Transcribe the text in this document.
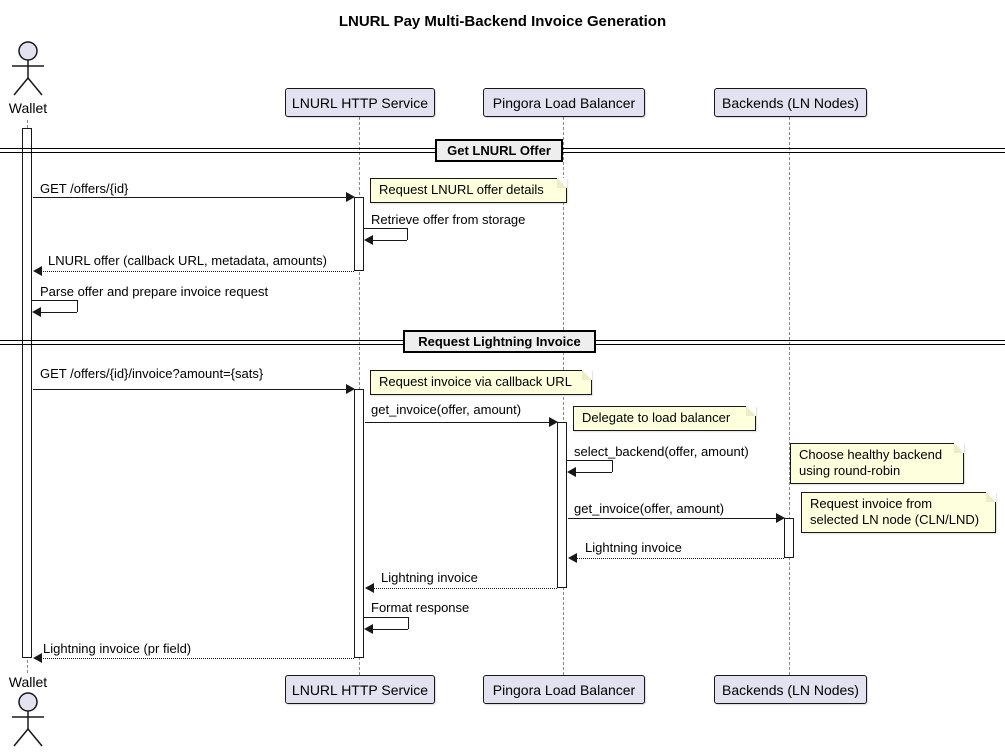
LNURL Pay Multi-Backend Invoice Generation
Wallet	LNURL HTTP Service	Pingora Load Balancer	Backends (LN Nodes)
Get LNURL Offer
Request Lightning Invoice
GET /offers/{id}	Request LNURL offer details
Retrieve offer from storage
LNURL offer (callback URL, metadata, amounts)
Parse offer and prepare invoice request
GET /offers/{id}/invoice?amount={sats}
Request invoice via callback URL
get_invoice(offer, amount)
Delegate to load balancer
select_backend(offer, amount)	Choose healthy backend
using round-robin
get_invoice(offer, amount)	Request invoice from
selected LN node (CLN/LND)
Lightning invoice
Lightning invoice
Format response
Lightning invoice (pr field)
LNURL HTTP Service	Pingora Load Balancer	Backends (LN Nodes)
Wallet
